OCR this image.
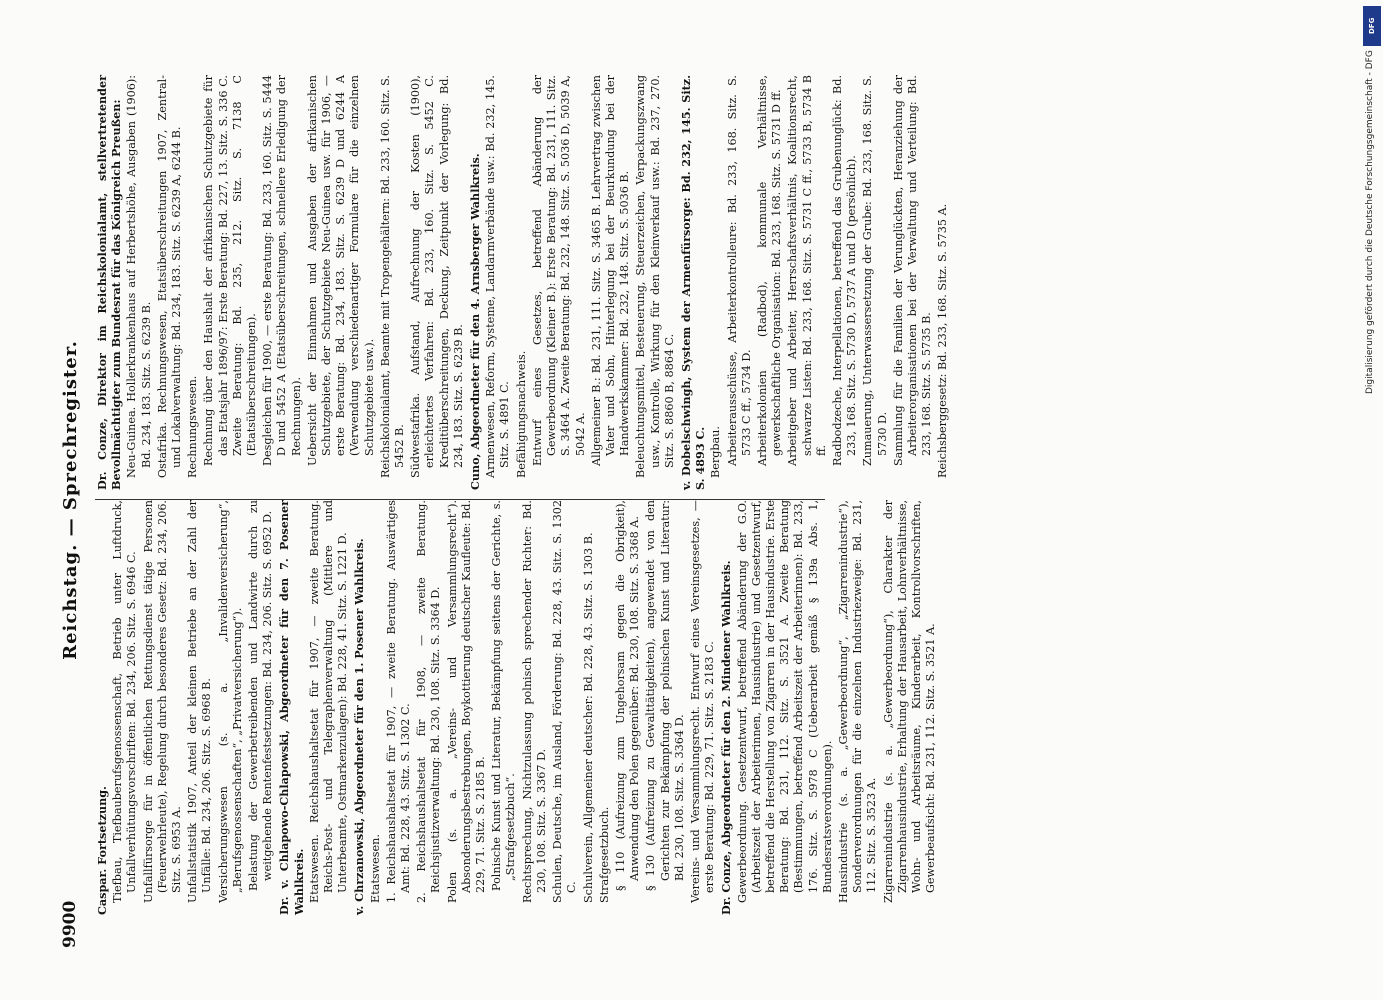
9900
Reichstag. — Sprechregister.
Caspar. Fortsetzung. Tiefbau, Tiefbauberufsgenossenschaft, Betrieb unter Luftdruck, Unfallverhütungsvorschriften: Bd. 234, 206. Sitz. S. 6946 C. Unfallfürsorge für in öffentlichen Rettungsdienst tätige Personen (Feuerwehrleute), Regelung durch besonderes Gesetz: Bd. 234, 206. Sitz. S. 6953 A. Unfallstatistik 1907, Anteil der kleinen Betriebe an der Zahl der Unfälle: Bd. 234, 206. Sitz. S. 6968 B. Versicherungswesen (s. a. „Invalidenversicherung“, „Berufsgenossenschaften“, „Privatversicherung“). Belastung der Gewerbetreibenden und Landwirte durch zu weitgehende Rentenfestsetzungen: Bd. 234, 206. Sitz. S. 6952 D. Dr. v. Chlapowo-Chlapowski, Abgeordneter für den 7. Posener Wahlkreis. Etatswesen. Reichshaushaltsetat für 1907, — zweite Beratung. Reichs-Post- und Telegraphenverwaltung (Mittlere und Unterbeamte, Ostmarkenzulagen): Bd. 228, 41. Sitz. S. 1221 D. v. Chrzanowski, Abgeordneter für den 1. Posener Wahlkreis. Etatswesen. 1. Reichshaushaltsetat für 1907, — zweite Beratung. Auswärtiges Amt: Bd. 228, 43. Sitz. S. 1302 C. 2. Reichshaushaltsetat für 1908, — zweite Beratung. Reichsjustizverwaltung: Bd. 230, 108. Sitz. S. 3364 D. Polen (s. a. „Vereins- und Versammlungsrecht“). Absonderungsbestrebungen, Boykottierung deutscher Kaufleute: Bd. 229, 71. Sitz. S. 2185 B. Polnische Kunst und Literatur, Bekämpfung seitens der Gerichte, s. „Strafgesetzbuch“. Rechtsprechung, Nichtzulassung polnisch sprechender Richter: Bd. 230, 108. Sitz. S. 3367 D. Schulen, Deutsche, im Ausland, Förderung: Bd. 228, 43. Sitz. S. 1302 C. Schulverein, Allgemeiner deutscher: Bd. 228, 43. Sitz. S. 1303 B. Strafgesetzbuch. § 110 (Aufreizung zum Ungehorsam gegen die Obrigkeit), Anwendung den Polen gegenüber: Bd. 230, 108. Sitz. S. 3368 A. § 130 (Aufreizung zu Gewalttätigkeiten), angewendet von den Gerichten zur Bekämpfung der polnischen Kunst und Literatur: Bd. 230, 108. Sitz. S. 3364 D. Vereins- und Versammlungsrecht. Entwurf eines Vereinsgesetzes, — erste Beratung: Bd. 229, 71. Sitz. S. 2183 C. Dr. Conze, Abgeordneter für den 2. Mindener Wahlkreis. Gewerbeordnung. Gesetzentwurf, betreffend Abänderung der G.O. (Arbeitszeit der Arbeiterinnen, Hausindustrie) und Gesetzentwurf, betreffend die Herstellung von Zigarren in der Hausindustrie. Erste Beratung: Bd. 231, 112. Sitz. S. 3521 A. Zweite Beratung (Bestimmungen, betreffend Arbeitszeit der Arbeiterinnen): Bd. 233, 176. Sitz. S. 5978 C (Ueberarbeit gemäß § 139a Abs. 1, Bundesratsverordnungen). Hausindustrie (s. a. „Gewerbeordnung“, „Zigarrenindustrie“), Sonderverordnungen für die einzelnen Industriezweige: Bd. 231, 112. Sitz. S. 3523 A. Zigarrenindustrie (s. a. „Gewerbeordnung“), Charakter der Zigarrenhausindustrie, Erhaltung der Hausarbeit, Lohnverhältnisse, Wohn- und Arbeitsräume, Kinderarbeit, Kontrollvorschriften, Gewerbeaufsicht: Bd. 231, 112. Sitz. S. 3521 A.
Dr. Conze, Direktor im Reichskolonialamt, stellvertretender Bevollmächtigter zum Bundesrat für das Königreich Preußen: Neu-Guinea. Hollerkrankenhaus auf Herbertshöhe, Ausgaben (1906): Bd. 234, 183. Sitz. S. 6239 B. Ostafrika. Rechnungswesen, Etatsüberschreitungen 1907, Zentral- und Lokalverwaltung: Bd. 234, 183. Sitz. S. 6239 A, 6244 B. Rechnungswesen. Rechnung über den Haushalt der afrikanischen Schutzgebiete für das Etatsjahr 1896/97: Erste Beratung: Bd. 227, 13. Sitz. S. 336 C. Zweite Beratung: Bd. 235, 212. Sitz. S. 7138 C (Etatsüberschreitungen). Desgleichen für 1900, — erste Beratung: Bd. 233, 160. Sitz. S. 5444 D und 5452 A (Etatsüberschreitungen, schnellere Erledigung der Rechnungen). Uebersicht der Einnahmen und Ausgaben der afrikanischen Schutzgebiete, der Schutzgebiete Neu-Guinea usw. für 1906, — erste Beratung: Bd. 234, 183. Sitz. S. 6239 D und 6244 A (Verwendung verschiedenartiger Formulare für die einzelnen Schutzgebiete usw.). Reichskolonialamt, Beamte mit Tropengehältern: Bd. 233, 160. Sitz. S. 5452 B. Südwestafrika. Aufstand, Aufrechnung der Kosten (1900), erleichtertes Verfahren: Bd. 233, 160. Sitz. S. 5452 C. Kreditüberschreitungen, Deckung, Zeitpunkt der Vorlegung: Bd. 234, 183. Sitz. S. 6239 B. Cuno, Abgeordneter für den 4. Arnsberger Wahlkreis. Armenwesen, Reform, Systeme, Landarmverbände usw.: Bd. 232, 145. Sitz. S. 4891 C. Befähigungsnachweis. Entwurf eines Gesetzes, betreffend Abänderung der Gewerbeordnung (Kleiner B.): Erste Beratung: Bd. 231, 111. Sitz. S. 3464 A. Zweite Beratung: Bd. 232, 148. Sitz. S. 5036 D, 5039 A, 5042 A. Allgemeiner B.: Bd. 231, 111. Sitz. S. 3465 B. Lehrvertrag zwischen Vater und Sohn, Hinterlegung bei der Beurkundung bei der Handwerkskammer: Bd. 232, 148. Sitz. S. 5036 B. Beleuchtungsmittel, Besteuerung, Steuerzeichen, Verpackungszwang usw., Kontrolle, Wirkung für den Kleinverkauf usw.: Bd. 237, 270. Sitz. S. 8860 B, 8864 C. v. Dobelschwingh, System der Armenfürsorge: Bd. 232, 145. Sitz. S. 4893 C. Bergbau. Arbeiterausschüsse, Arbeiterkontrolleure: Bd. 233, 168. Sitz. S. 5733 C ff., 5734 D. Arbeiterkolonien (Radbod), kommunale Verhältnisse, gewerkschaftliche Organisation: Bd. 233, 168. Sitz. S. 5731 D ff. Arbeitgeber und Arbeiter, Herrschaftsverhältnis, Koalitionsrecht, schwarze Listen: Bd. 233, 168. Sitz. S. 5731 C ff., 5733 B, 5734 B ff. Radbodzeche, Interpellationen, betreffend das Grubenunglück: Bd. 233, 168. Sitz. S. 5730 D, 5737 A und D (persönlich). Zumauerung, Unterwassersetzung der Grube: Bd. 233, 168. Sitz. S. 5730 D. Sammlung für die Familien der Verunglückten, Heranziehung der Arbeiterorganisationen bei der Verwaltung und Verteilung: Bd. 233, 168. Sitz. S. 5735 B. Reichsberggesetz: Bd. 233, 168. Sitz. S. 5735 A.
DFG
Digitalisierung gefördert durch die Deutsche Forschungsgemeinschaft - DFG
